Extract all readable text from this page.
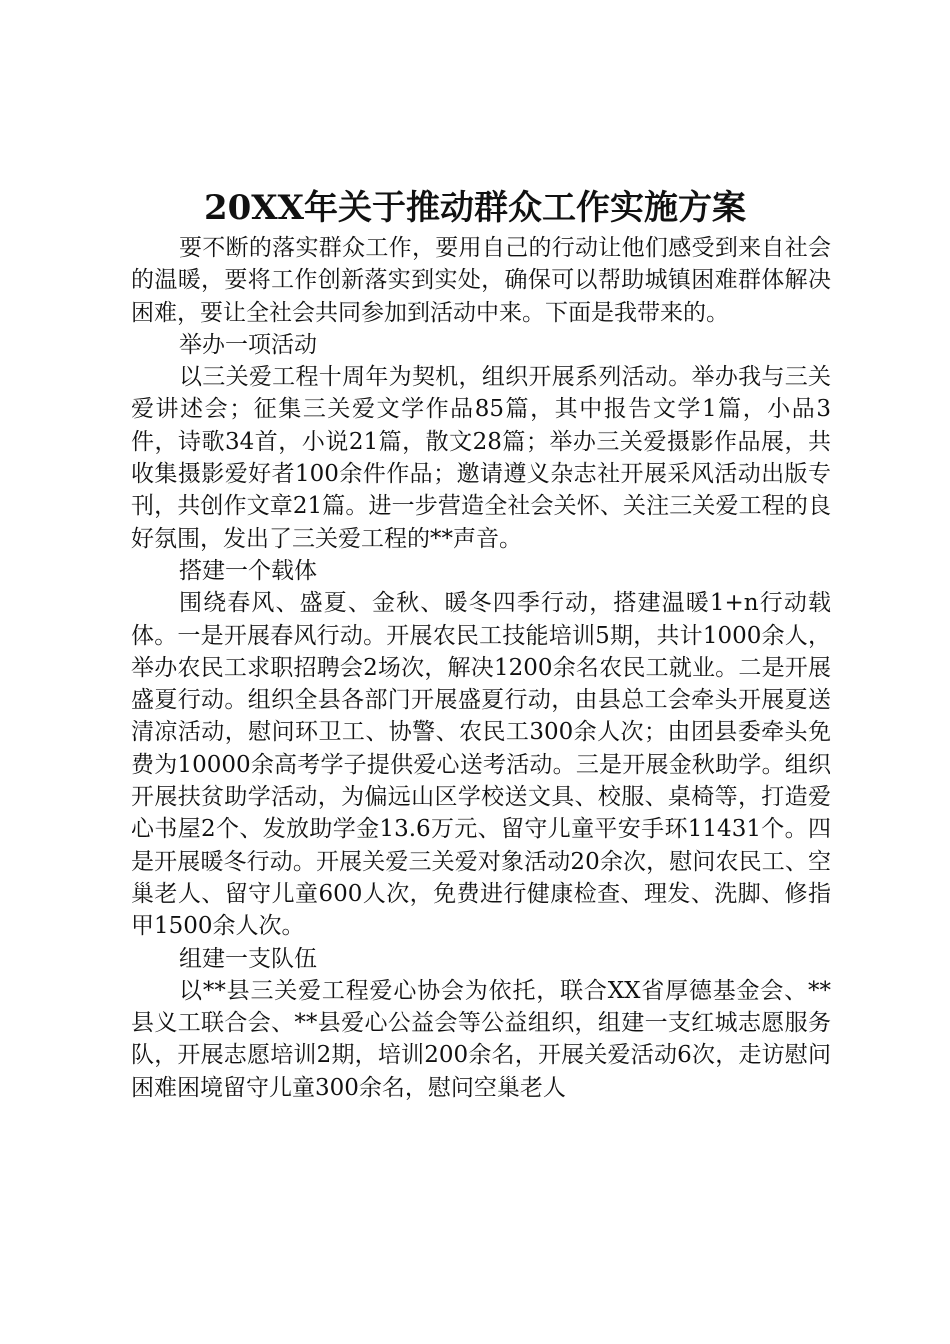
20XX年关于推动群众工作实施方案

要不断的落实群众工作，要用自己的行动让他们感受到来自社会的温暖，要将工作创新落实到实处，确保可以帮助城镇困难群体解决困难，要让全社会共同参加到活动中来。下面是我带来的。

举办一项活动

以三关爱工程十周年为契机，组织开展系列活动。举办我与三关爱讲述会；征集三关爱文学作品85篇，其中报告文学1篇，小品3件，诗歌34首，小说21篇，散文28篇；举办三关爱摄影作品展，共收集摄影爱好者100余件作品；邀请遵义杂志社开展采风活动出版专刊，共创作文章21篇。进一步营造全社会关怀、关注三关爱工程的良好氛围，发出了三关爱工程的**声音。

搭建一个载体

围绕春风、盛夏、金秋、暖冬四季行动，搭建温暖1+n行动载体。一是开展春风行动。开展农民工技能培训5期，共计1000余人，举办农民工求职招聘会2场次，解决1200余名农民工就业。二是开展盛夏行动。组织全县各部门开展盛夏行动，由县总工会牵头开展夏送清凉活动，慰问环卫工、协警、农民工300余人次；由团县委牵头免费为10000余高考学子提供爱心送考活动。三是开展金秋助学。组织开展扶贫助学活动，为偏远山区学校送文具、校服、桌椅等，打造爱心书屋2个、发放助学金13.6万元、留守儿童平安手环11431个。四是开展暖冬行动。开展关爱三关爱对象活动20余次，慰问农民工、空巢老人、留守儿童600人次，免费进行健康检查、理发、洗脚、修指甲1500余人次。

组建一支队伍

以**县三关爱工程爱心协会为依托，联合XX省厚德基金会、**县义工联合会、**县爱心公益会等公益组织，组建一支红城志愿服务队，开展志愿培训2期，培训200余名，开展关爱活动6次，走访慰问困难困境留守儿童300余名，慰问空巢老人
